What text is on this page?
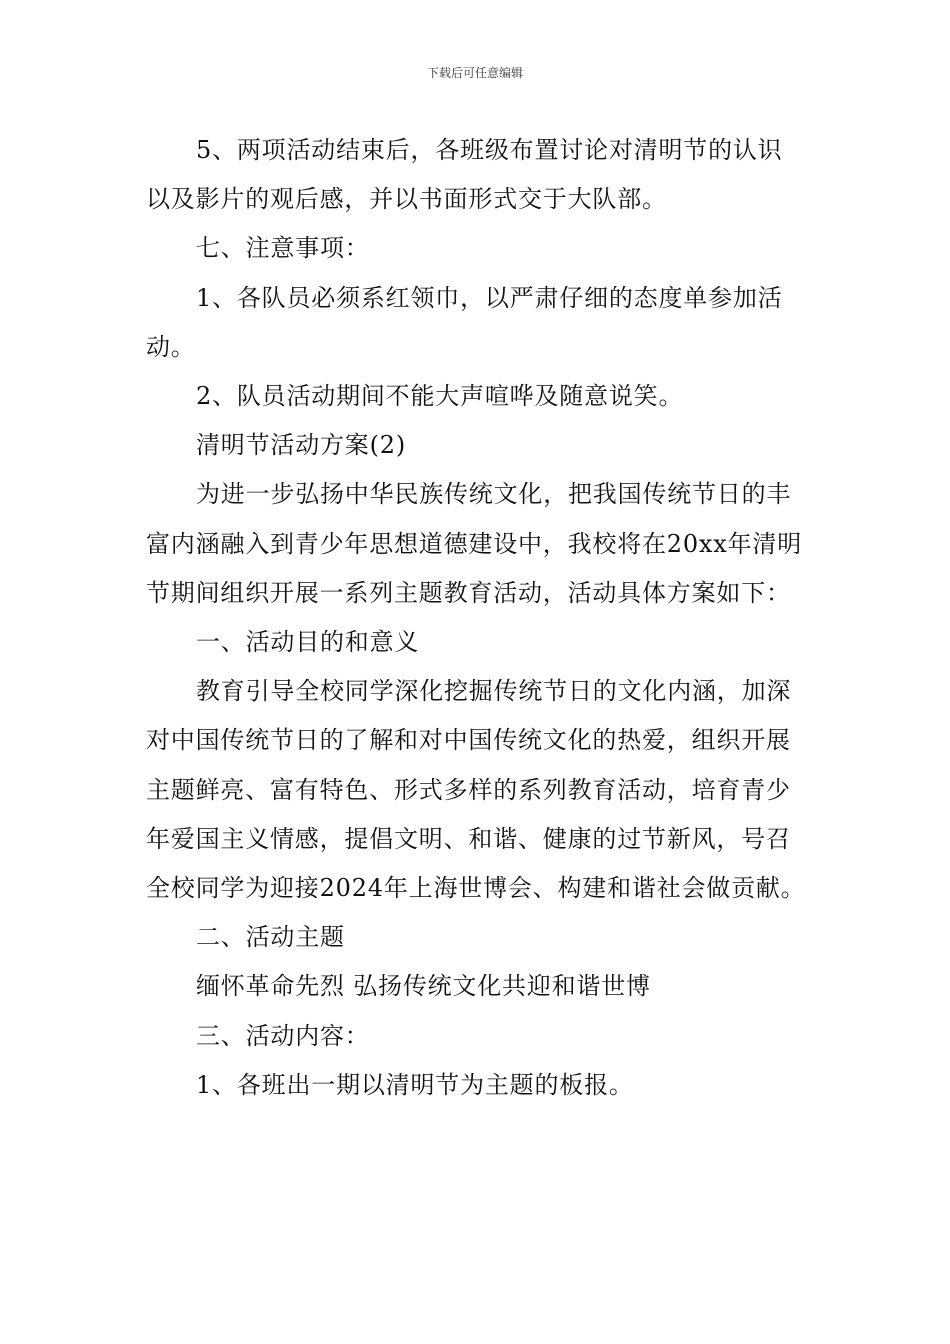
下载后可任意编辑

5、两项活动结束后，各班级布置讨论对清明节的认识以及影片的观后感，并以书面形式交于大队部。

七、注意事项：

1、各队员必须系红领巾，以严肃仔细的态度单参加活动。

2、队员活动期间不能大声喧哗及随意说笑。

清明节活动方案(2)

为进一步弘扬中华民族传统文化，把我国传统节日的丰富内涵融入到青少年思想道德建设中，我校将在20xx年清明节期间组织开展一系列主题教育活动，活动具体方案如下：

一、活动目的和意义

教育引导全校同学深化挖掘传统节日的文化内涵，加深对中国传统节日的了解和对中国传统文化的热爱，组织开展主题鲜亮、富有特色、形式多样的系列教育活动，培育青少年爱国主义情感，提倡文明、和谐、健康的过节新风，号召全校同学为迎接2024年上海世博会、构建和谐社会做贡献。

二、活动主题

缅怀革命先烈 弘扬传统文化共迎和谐世博

三、活动内容：

1、各班出一期以清明节为主题的板报。
